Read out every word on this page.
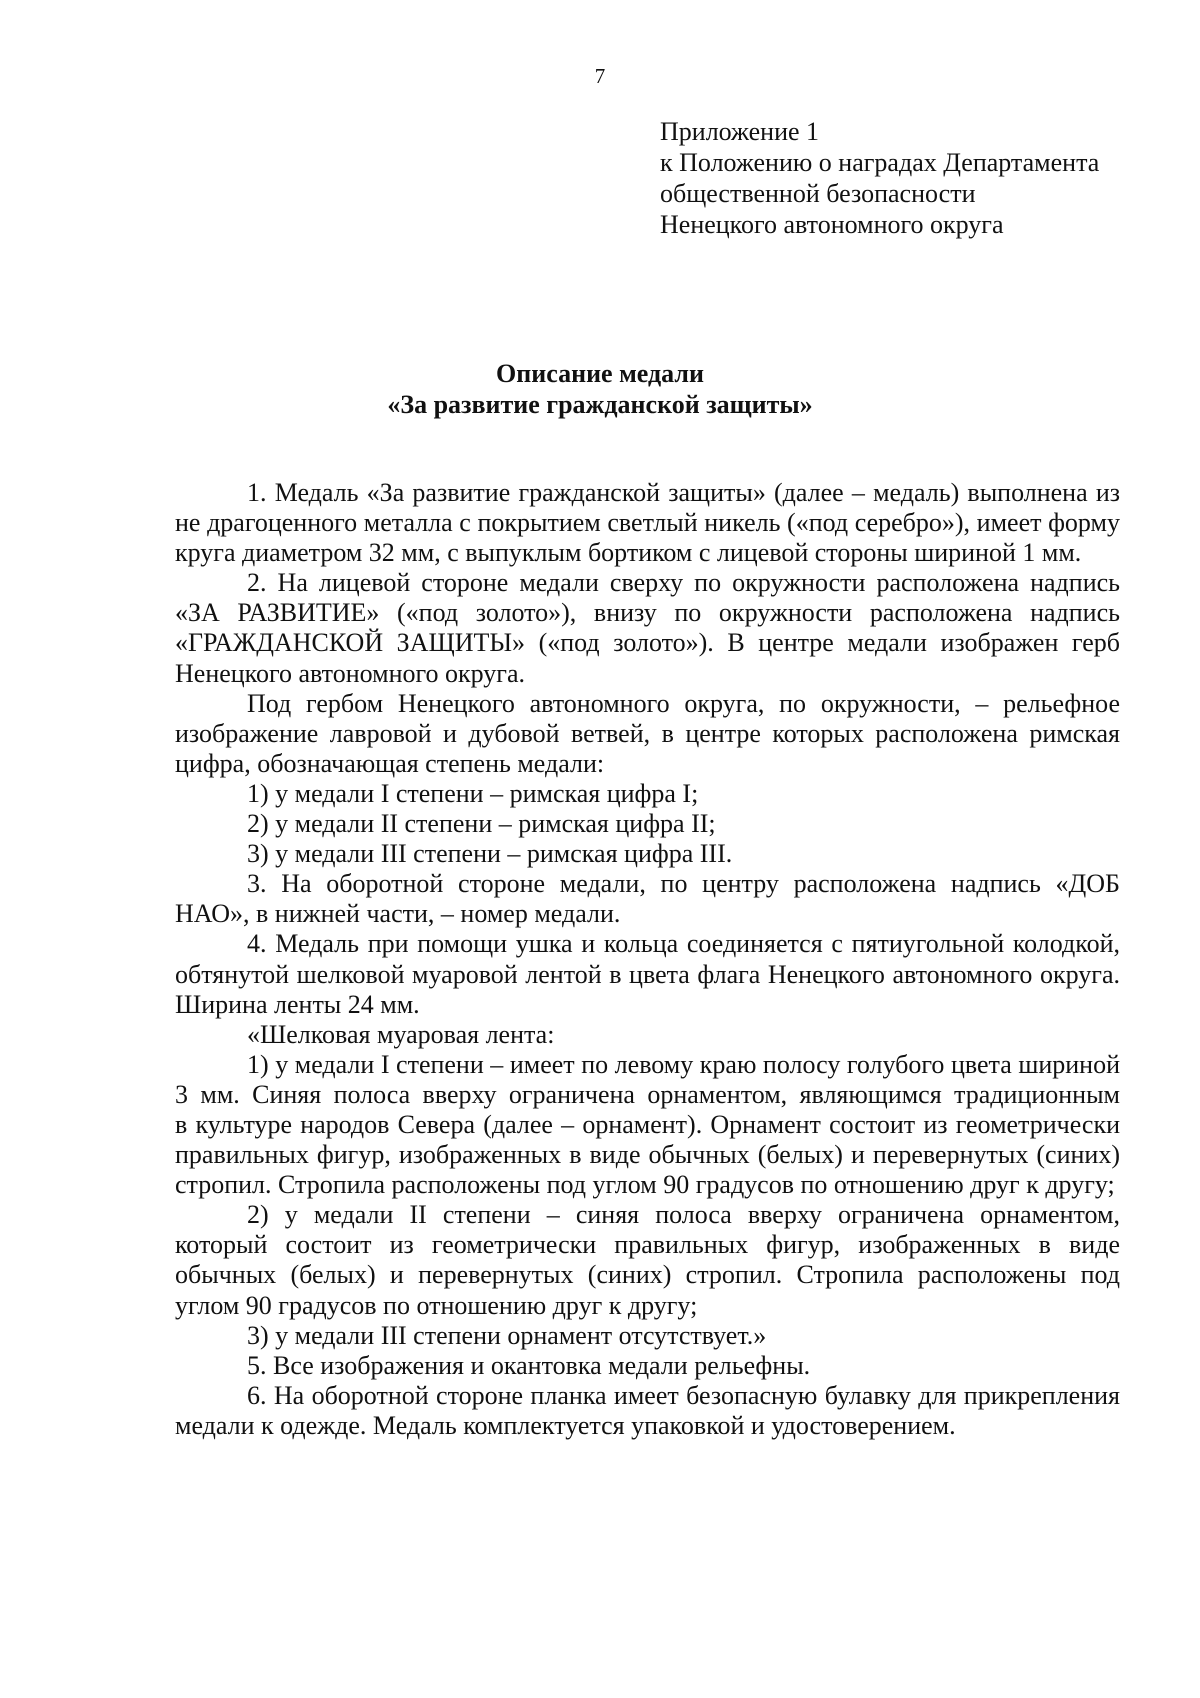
7
Приложение 1
к Положению о наградах Департамента
общественной безопасности
Ненецкого автономного округа
Описание медали
«За развитие гражданской защиты»

1. Медаль «За развитие гражданской защиты» (далее – медаль) выполнена из не драгоценного металла с покрытием светлый никель («под серебро»), имеет форму круга диаметром 32 мм, с выпуклым бортиком с лицевой стороны шириной 1 мм.

2. На лицевой стороне медали сверху по окружности расположена надпись «ЗА РАЗВИТИЕ» («под золото»), внизу по окружности расположена надпись «ГРАЖДАНСКОЙ ЗАЩИТЫ» («под золото»). В центре медали изображен герб Ненецкого автономного округа.

Под гербом Ненецкого автономного округа, по окружности, – рельефное изображение лавровой и дубовой ветвей, в центре которых расположена римская цифра, обозначающая степень медали:

1) у медали I степени – римская цифра I;

2) у медали II степени – римская цифра II;

3) у медали III степени – римская цифра III.

3. На оборотной стороне медали, по центру расположена надпись «ДОБ НАО», в нижней части, – номер медали.

4. Медаль при помощи ушка и кольца соединяется с пятиугольной колодкой, обтянутой шелковой муаровой лентой в цвета флага Ненецкого автономного округа. Ширина ленты 24 мм.

«Шелковая муаровая лента:

1) у медали I степени – имеет по левому краю полосу голубого цвета шириной 3 мм. Синяя полоса вверху ограничена орнаментом, являющимся традиционным

в культуре народов Севера (далее – орнамент). Орнамент состоит из геометрически правильных фигур, изображенных в виде обычных (белых) и перевернутых (синих) стропил. Стропила расположены под углом 90 градусов по отношению друг к другу;

2) у медали II степени – синяя полоса вверху ограничена орнаментом, который состоит из геометрически правильных фигур, изображенных в виде обычных (белых) и перевернутых (синих) стропил. Стропила расположены под углом 90 градусов по отношению друг к другу;

3) у медали III степени орнамент отсутствует.»

5. Все изображения и окантовка медали рельефны.

6. На оборотной стороне планка имеет безопасную булавку для прикрепления медали к одежде. Медаль комплектуется упаковкой и удостоверением.
